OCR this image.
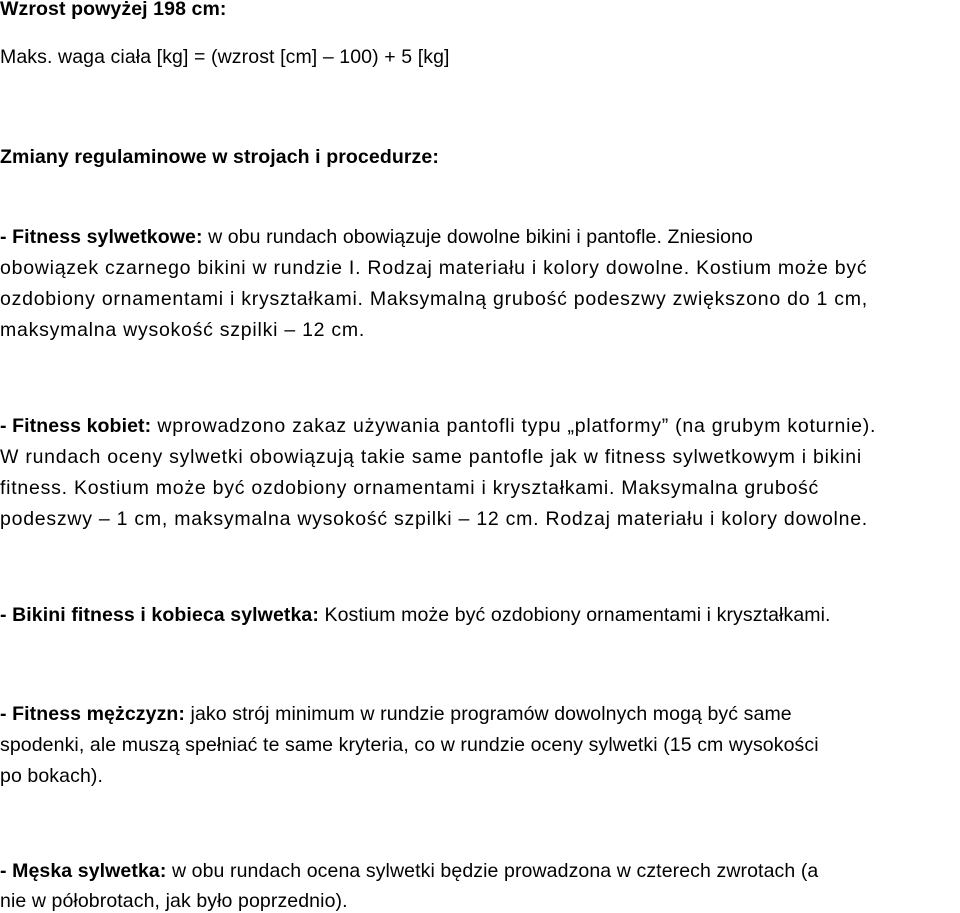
Wzrost powyżej 198 cm:
Maks. waga ciała [kg] = (wzrost [cm] – 100) + 5 [kg]
Zmiany regulaminowe w strojach i procedurze:
- Fitness sylwetkowe: w obu rundach obowiązuje dowolne bikini i pantofle. Zniesiono
obowiązek czarnego bikini w rundzie I. Rodzaj materiału i kolory dowolne. Kostium może być
ozdobiony ornamentami i kryształkami. Maksymalną grubość podeszwy zwiększono do 1 cm,
maksymalna wysokość szpilki – 12 cm.
- Fitness kobiet: wprowadzono zakaz używania pantofli typu „platformy” (na grubym koturnie).
W rundach oceny sylwetki obowiązują takie same pantofle jak w fitness sylwetkowym i bikini
fitness. Kostium może być ozdobiony ornamentami i kryształkami. Maksymalna grubość
podeszwy – 1 cm, maksymalna wysokość szpilki – 12 cm. Rodzaj materiału i kolory dowolne.
- Bikini fitness i kobieca sylwetka: Kostium może być ozdobiony ornamentami i kryształkami.
- Fitness mężczyzn: jako strój minimum w rundzie programów dowolnych mogą być same
spodenki, ale muszą spełniać te same kryteria, co w rundzie oceny sylwetki (15 cm wysokości
po bokach).
- Męska sylwetka: w obu rundach ocena sylwetki będzie prowadzona w czterech zwrotach (a
nie w półobrotach, jak było poprzednio).
